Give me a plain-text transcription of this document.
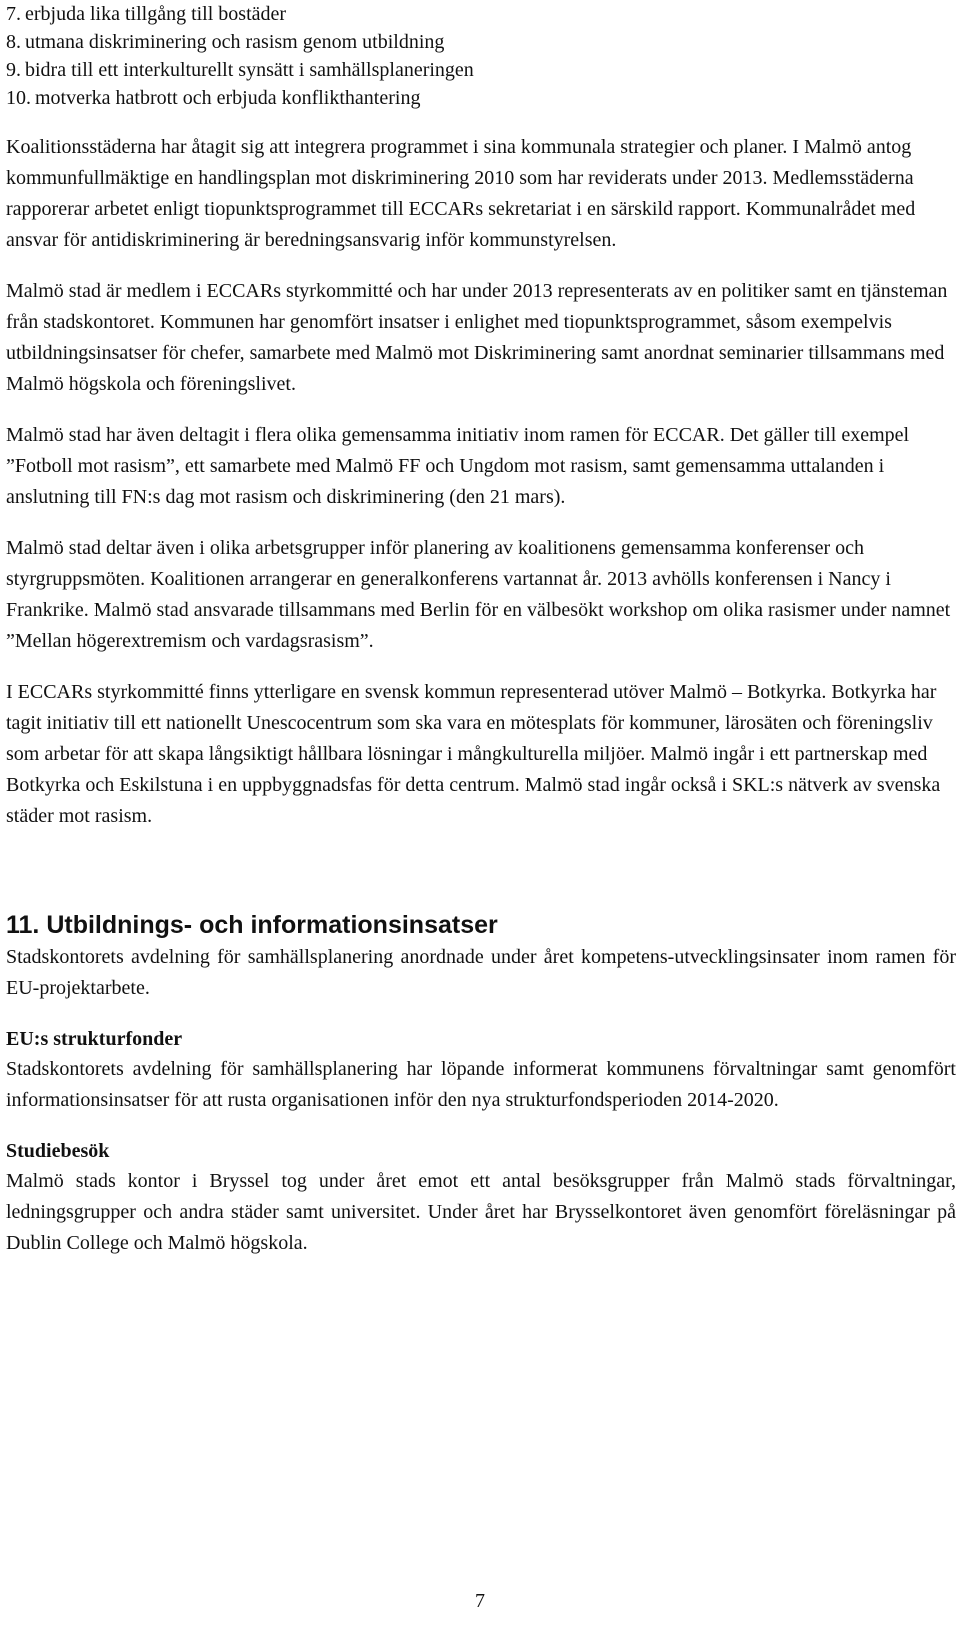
7. erbjuda lika tillgång till bostäder
8. utmana diskriminering och rasism genom utbildning
9. bidra till ett interkulturellt synsätt i samhällsplaneringen
10. motverka hatbrott och erbjuda konflikthantering

Koalitionsstäderna har åtagit sig att integrera programmet i sina kommunala strategier och planer. I Malmö antog kommunfullmäktige en handlingsplan mot diskriminering 2010 som har reviderats under 2013. Medlemsstäderna rapporerar arbetet enligt tiopunktsprogrammet till ECCARs sekretariat i en särskild rapport. Kommunalrådet med ansvar för antidiskriminering är beredningsansvarig inför kommunstyrelsen.

Malmö stad är medlem i ECCARs styrkommitté och har under 2013 representerats av en politiker samt en tjänsteman från stadskontoret. Kommunen har genomfört insatser i enlighet med tiopunktsprogrammet, såsom exempelvis utbildningsinsatser för chefer, samarbete med Malmö mot Diskriminering samt anordnat seminarier tillsammans med Malmö högskola och föreningslivet.

Malmö stad har även deltagit i flera olika gemensamma initiativ inom ramen för ECCAR. Det gäller till exempel ”Fotboll mot rasism”, ett samarbete med Malmö FF och Ungdom mot rasism, samt gemensamma uttalanden i anslutning till FN:s dag mot rasism och diskriminering (den 21 mars).

Malmö stad deltar även i olika arbetsgrupper inför planering av koalitionens gemensamma konferenser och styrgruppsmöten. Koalitionen arrangerar en generalkonferens vartannat år. 2013 avhölls konferensen i Nancy i Frankrike. Malmö stad ansvarade tillsammans med Berlin för en välbesökt workshop om olika rasismer under namnet ”Mellan högerextremism och vardagsrasism”.

I ECCARs styrkommitté finns ytterligare en svensk kommun representerad utöver Malmö – Botkyrka. Botkyrka har tagit initiativ till ett nationellt Unescocentrum som ska vara en mötesplats för kommuner, lärosäten och föreningsliv som arbetar för att skapa långsiktigt hållbara lösningar i mångkulturella miljöer. Malmö ingår i ett partnerskap med Botkyrka och Eskilstuna i en uppbyggnadsfas för detta centrum. Malmö stad ingår också i SKL:s nätverk av svenska städer mot rasism.

11. Utbildnings- och informationsinsatser

Stadskontorets avdelning för samhällsplanering anordnade under året kompetens-utvecklingsinsater inom ramen för EU-projektarbete.

EU:s strukturfonder

Stadskontorets avdelning för samhällsplanering har löpande informerat kommunens förvaltningar samt genomfört informationsinsatser för att rusta organisationen inför den nya strukturfondsperioden 2014-2020.

Studiebesök

Malmö stads kontor i Bryssel tog under året emot ett antal besöksgrupper från Malmö stads förvaltningar, ledningsgrupper och andra städer samt universitet. Under året har Brysselkontoret även genomfört föreläsningar på Dublin College och Malmö högskola.

7
